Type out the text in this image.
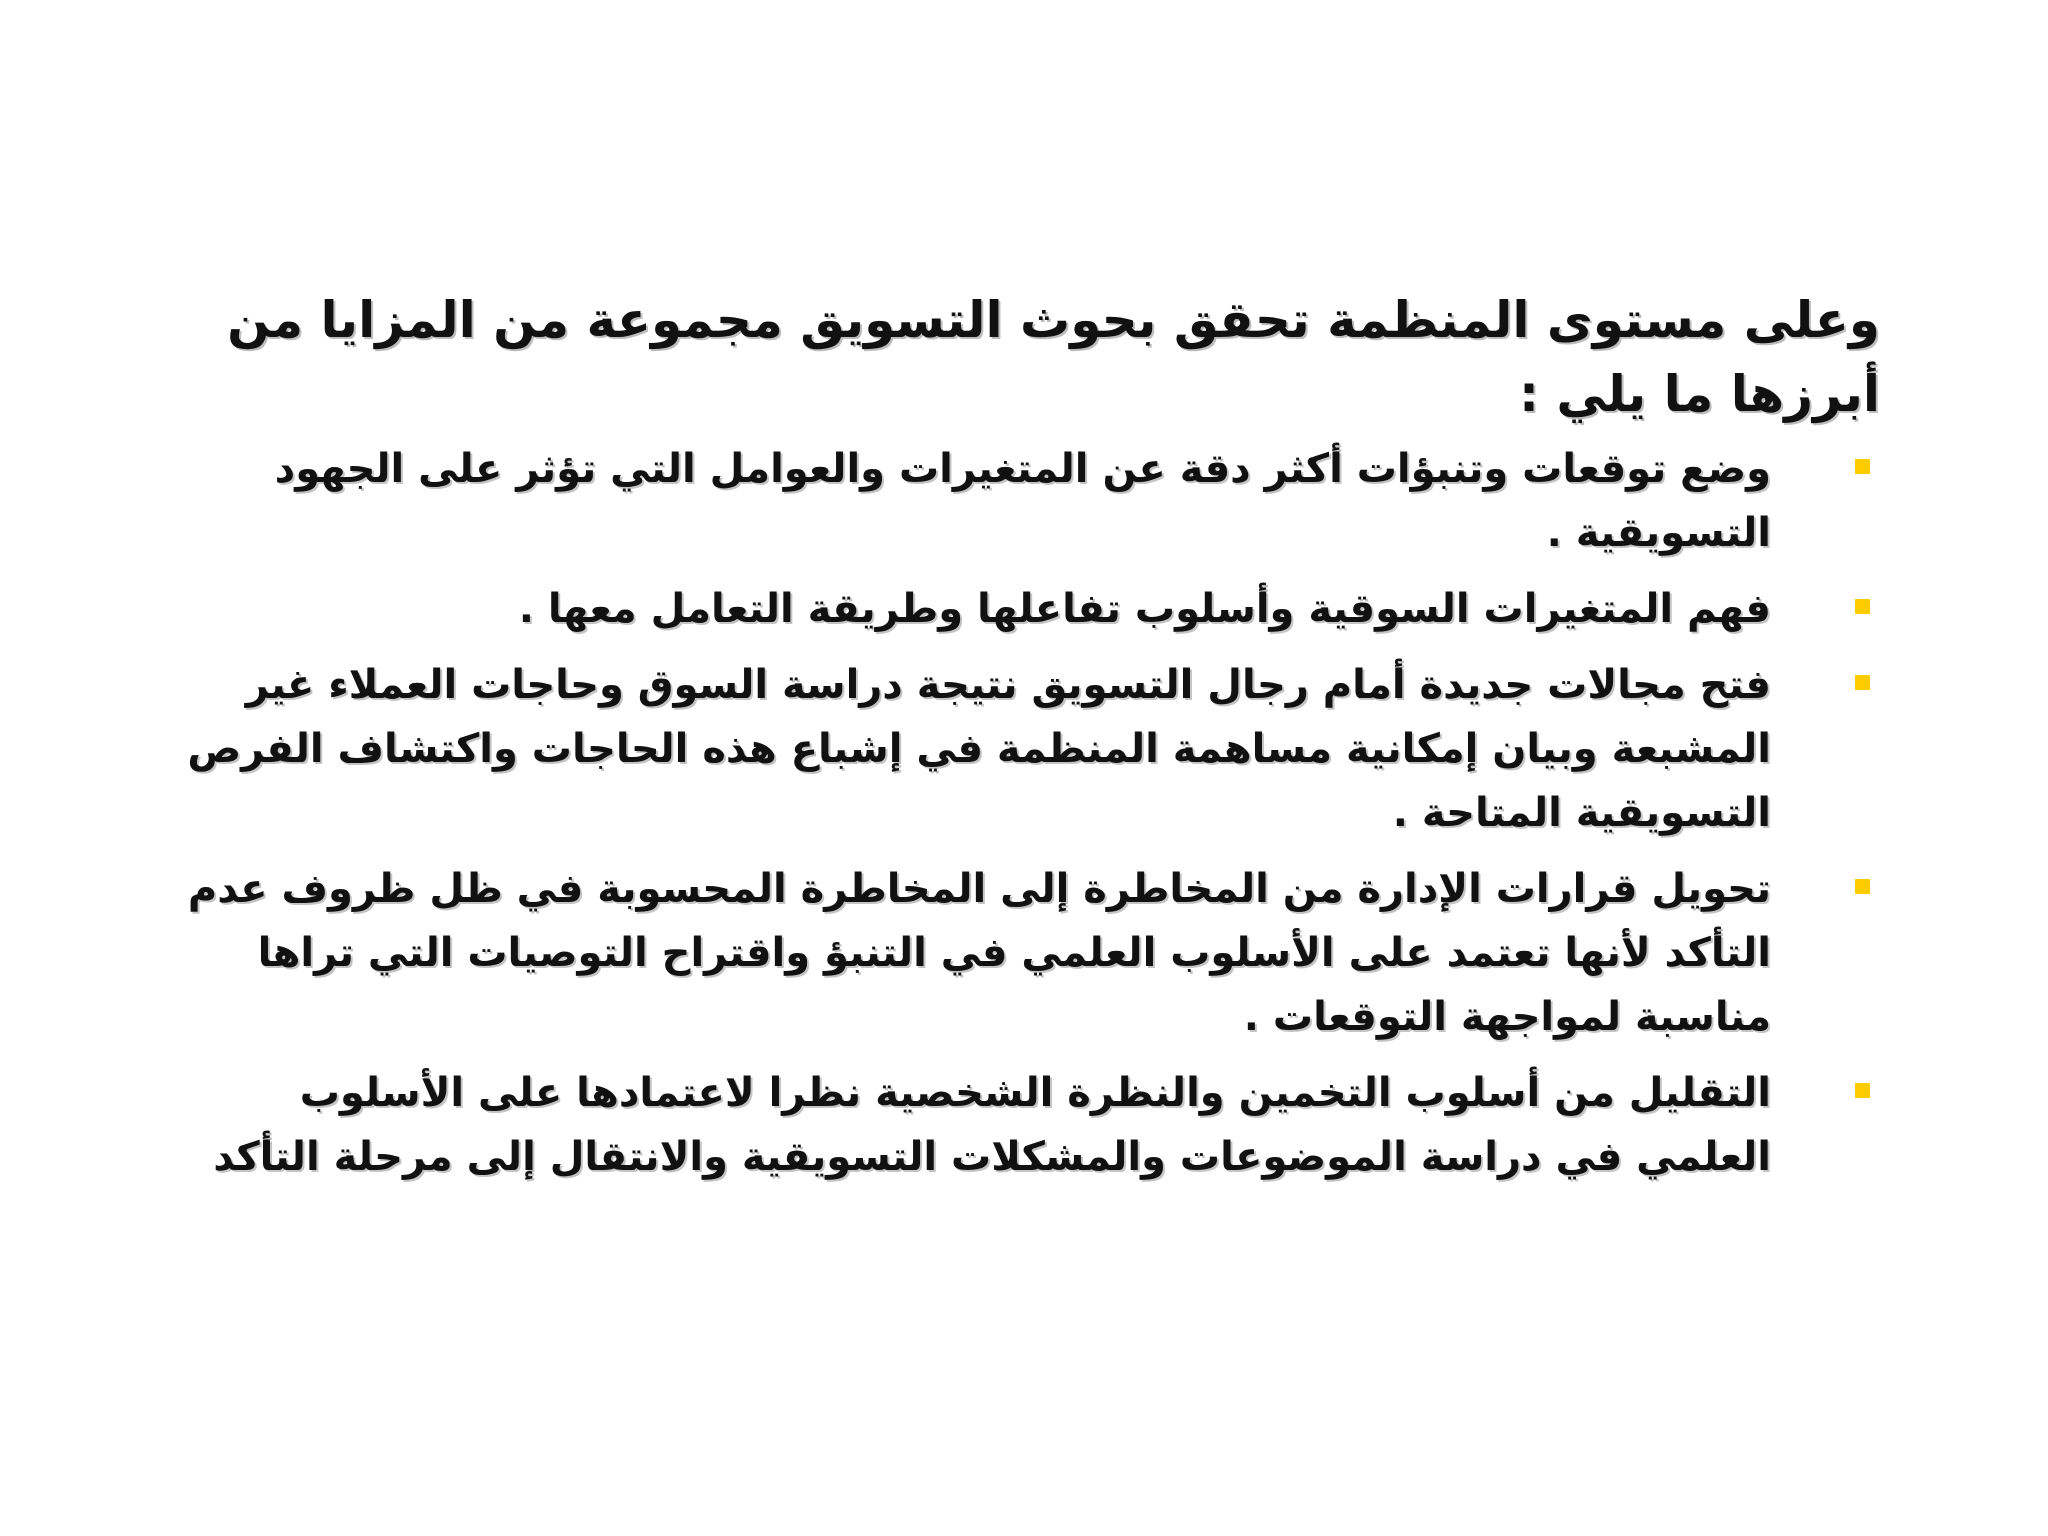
وعلى مستوى المنظمة تحقق بحوث التسويق مجموعة من المزايا من أبرزها ما يلي :

وضع توقعات وتنبؤات أكثر دقة عن المتغيرات والعوامل التي تؤثر على الجهود التسويقية .
فهم المتغيرات السوقية وأسلوب تفاعلها وطريقة التعامل معها .
فتح مجالات جديدة أمام رجال التسويق نتيجة دراسة السوق وحاجات العملاء غير المشبعة وبيان إمكانية مساهمة المنظمة في إشباع هذه الحاجات واكتشاف الفرص التسويقية المتاحة .
تحويل قرارات الإدارة من المخاطرة إلى المخاطرة المحسوبة في ظل ظروف عدم التأكد لأنها تعتمد على الأسلوب العلمي في التنبؤ واقتراح التوصيات التي تراها مناسبة لمواجهة التوقعات .
التقليل من أسلوب التخمين والنظرة الشخصية نظرا لاعتمادها على الأسلوب العلمي في دراسة الموضوعات والمشكلات التسويقية والانتقال إلى مرحلة التأكد
